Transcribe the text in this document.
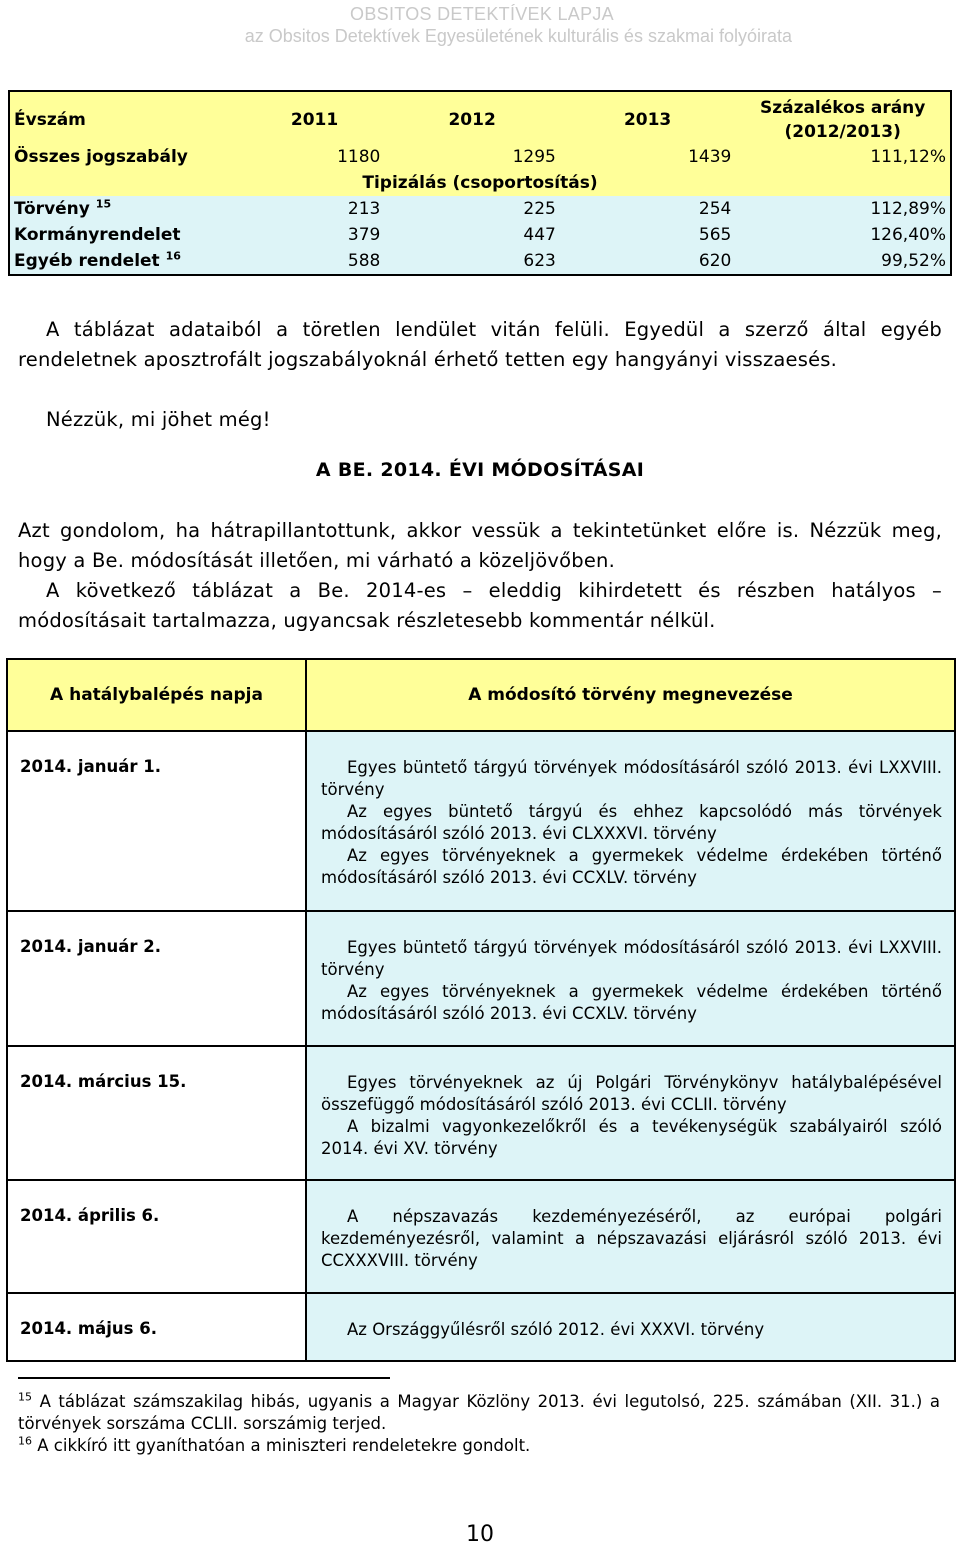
OBSITOS DETEKTÍVEK LAPJA
az Obsitos Detektívek Egyesületének kulturális és szakmai folyóirata
Évszám	2011	2012	2013	Százalékos arány
(2012/2013)
Összes jogszabály	1180	1295	1439	111,12%
Tipizálás (csoportosítás)				
Törvény $^{15}$	213	225	254	112,89%
Kormányrendelet	379	447	565	126,40%
Egyéb rendelet $^{16}$	588	623	620	99,52%
A táblázat adataiból a töretlen lendület vitán felüli. Egyedül a szerző által egyéb rendeletnek aposztrofált jogszabályoknál érhető tetten egy hangyányi visszaesés.
Nézzük, mi jöhet még!
A BE. 2014. ÉVI MÓDOSÍTÁSAI
Azt gondolom, ha hátrapillantottunk, akkor vessük a tekintetünket előre is. Nézzük meg, hogy a Be. módosítását illetően, mi várható a közeljövőben.
A következő táblázat a Be. 2014-es – eleddig kihirdetett és részben hatályos – módosításait tartalmazza, ugyancsak részletesebb kommentár nélkül.
A hatálybalépés napja	A módosító törvény megnevezése
2014. január 1.	Egyes büntető tárgyú törvények módosításáról szóló 2013. évi LXXVIII. törvény
Az egyes büntető tárgyú és ehhez kapcsolódó más törvények módosításáról szóló 2013. évi CLXXXVI. törvény
Az egyes törvényeknek a gyermekek védelme érdekében történő módosításáról szóló 2013. évi CCXLV. törvény

2014. január 2.	Egyes büntető tárgyú törvények módosításáról szóló 2013. évi LXXVIII. törvény
Az egyes törvényeknek a gyermekek védelme érdekében történő módosításáról szóló 2013. évi CCXLV. törvény

2014. március 15.	Egyes törvényeknek az új Polgári Törvénykönyv hatálybalépésével összefüggő módosításáról szóló 2013. évi CCLII. törvény
A bizalmi vagyonkezelőkről és a tevékenységük szabályairól szóló 2014. évi XV. törvény

2014. április 6.	A népszavazás kezdeményezéséről, az európai polgári kezdeményezésről, valamint a népszavazási eljárásról szóló 2013. évi CCXXXVIII. törvény

2014. május 6.	Az Országgyűlésről szóló 2012. évi XXXVI. törvény
$^{15}$ A táblázat számszakilag hibás, ugyanis a Magyar Közlöny 2013. évi legutolsó, 225. számában (XII. 31.) a törvények sorszáma CCLII. sorszámig terjed.
$^{16}$ A cikkíró itt gyaníthatóan a miniszteri rendeletekre gondolt.
10
